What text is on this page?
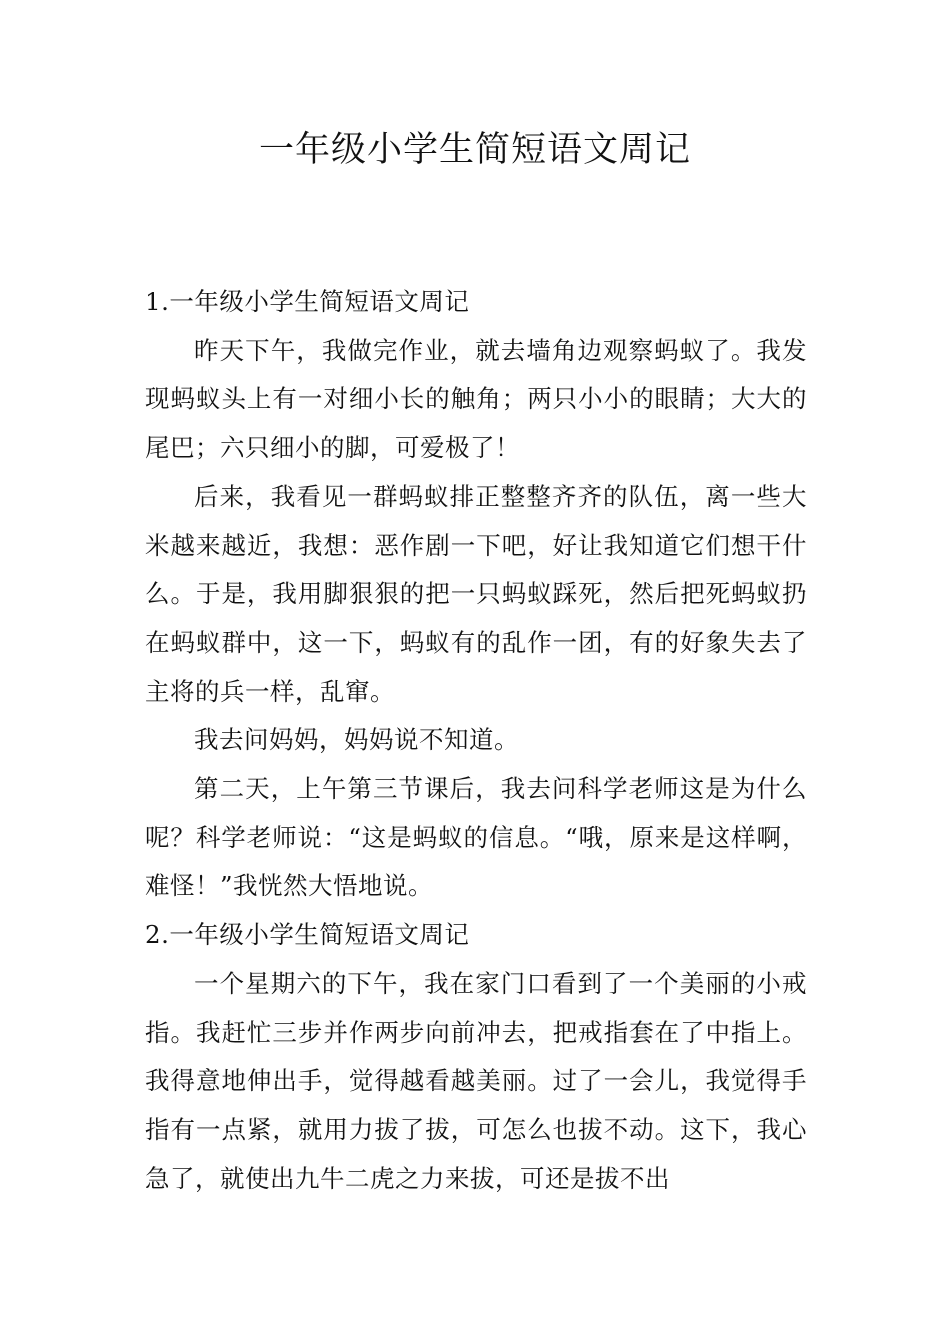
一年级小学生简短语文周记

1.一年级小学生简短语文周记

昨天下午，我做完作业，就去墙角边观察蚂蚁了。我发现蚂蚁头上有一对细小长的触角；两只小小的眼睛；大大的尾巴；六只细小的脚，可爱极了！

后来，我看见一群蚂蚁排正整整齐齐的队伍，离一些大米越来越近，我想：恶作剧一下吧，好让我知道它们想干什么。于是，我用脚狠狠的把一只蚂蚁踩死，然后把死蚂蚁扔在蚂蚁群中，这一下，蚂蚁有的乱作一团，有的好象失去了主将的兵一样，乱窜。

我去问妈妈，妈妈说不知道。

第二天，上午第三节课后，我去问科学老师这是为什么呢？科学老师说：“这是蚂蚁的信息。“哦，原来是这样啊，难怪！”我恍然大悟地说。

2.一年级小学生简短语文周记

一个星期六的下午，我在家门口看到了一个美丽的小戒指。我赶忙三步并作两步向前冲去，把戒指套在了中指上。我得意地伸出手，觉得越看越美丽。过了一会儿，我觉得手指有一点紧，就用力拔了拔，可怎么也拔不动。这下，我心急了，就使出九牛二虎之力来拔，可还是拔不出
